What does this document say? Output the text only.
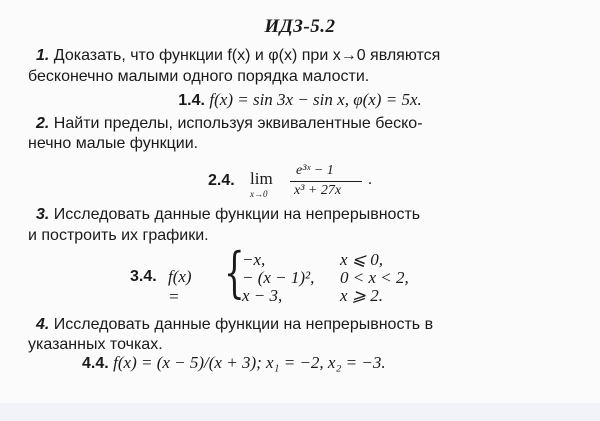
ИДЗ-5.2
1. Доказать, что функции f(x) и φ(x) при x→0 являются
бесконечно малыми одного порядка малости.
1.4. f(x) = sin 3x − sin x, φ(x) = 5x.
2. Найти пределы, используя эквивалентные беско-
нечно малые функции.
2.4. lim
x→0
e³ˣ − 1
x³ + 27x
.
3. Исследовать данные функции на непрерывность
и построить их графики.
3.4. f(x) = {
−x,	x ⩽ 0,
− (x − 1)², 0 < x < 2,
x − 3,	x ⩾ 2.
4. Исследовать данные функции на непрерывность в
указанных точках.
4.4. f(x) = (x − 5)/(x + 3); x₁ = −2, x₂ = −3.
